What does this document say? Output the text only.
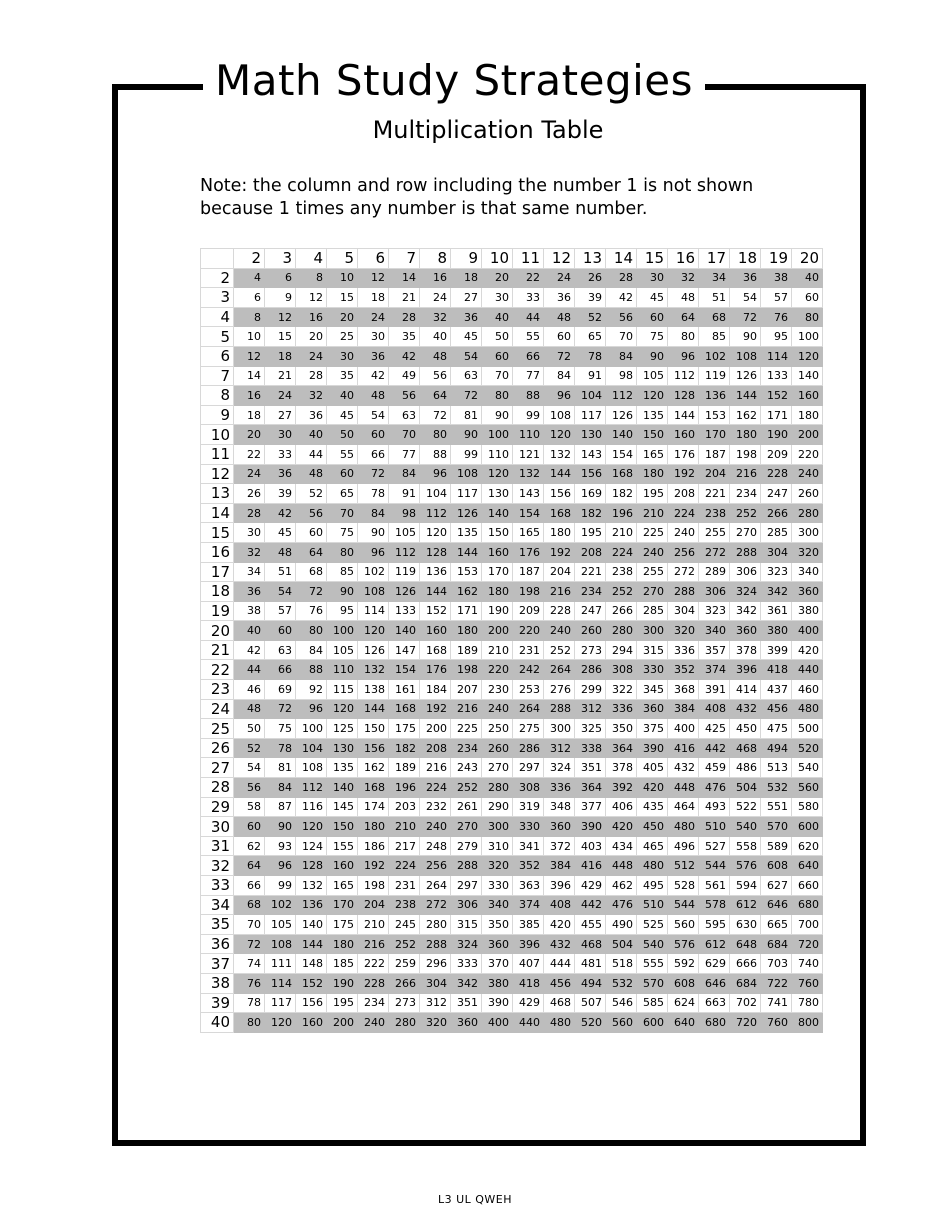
Math Study Strategies
Multiplication Table
Note: the column and row including the number 1 is not shown because 1 times any number is that same number.
	2	3	4	5	6	7	8	9	10	11	12	13	14	15	16	17	18	19	20
2	4	6	8	10	12	14	16	18	20	22	24	26	28	30	32	34	36	38	40
3	6	9	12	15	18	21	24	27	30	33	36	39	42	45	48	51	54	57	60
4	8	12	16	20	24	28	32	36	40	44	48	52	56	60	64	68	72	76	80
5	10	15	20	25	30	35	40	45	50	55	60	65	70	75	80	85	90	95	100
6	12	18	24	30	36	42	48	54	60	66	72	78	84	90	96	102	108	114	120
7	14	21	28	35	42	49	56	63	70	77	84	91	98	105	112	119	126	133	140
8	16	24	32	40	48	56	64	72	80	88	96	104	112	120	128	136	144	152	160
9	18	27	36	45	54	63	72	81	90	99	108	117	126	135	144	153	162	171	180
10	20	30	40	50	60	70	80	90	100	110	120	130	140	150	160	170	180	190	200
11	22	33	44	55	66	77	88	99	110	121	132	143	154	165	176	187	198	209	220
12	24	36	48	60	72	84	96	108	120	132	144	156	168	180	192	204	216	228	240
13	26	39	52	65	78	91	104	117	130	143	156	169	182	195	208	221	234	247	260
14	28	42	56	70	84	98	112	126	140	154	168	182	196	210	224	238	252	266	280
15	30	45	60	75	90	105	120	135	150	165	180	195	210	225	240	255	270	285	300
16	32	48	64	80	96	112	128	144	160	176	192	208	224	240	256	272	288	304	320
17	34	51	68	85	102	119	136	153	170	187	204	221	238	255	272	289	306	323	340
18	36	54	72	90	108	126	144	162	180	198	216	234	252	270	288	306	324	342	360
19	38	57	76	95	114	133	152	171	190	209	228	247	266	285	304	323	342	361	380
20	40	60	80	100	120	140	160	180	200	220	240	260	280	300	320	340	360	380	400
21	42	63	84	105	126	147	168	189	210	231	252	273	294	315	336	357	378	399	420
22	44	66	88	110	132	154	176	198	220	242	264	286	308	330	352	374	396	418	440
23	46	69	92	115	138	161	184	207	230	253	276	299	322	345	368	391	414	437	460
24	48	72	96	120	144	168	192	216	240	264	288	312	336	360	384	408	432	456	480
25	50	75	100	125	150	175	200	225	250	275	300	325	350	375	400	425	450	475	500
26	52	78	104	130	156	182	208	234	260	286	312	338	364	390	416	442	468	494	520
27	54	81	108	135	162	189	216	243	270	297	324	351	378	405	432	459	486	513	540
28	56	84	112	140	168	196	224	252	280	308	336	364	392	420	448	476	504	532	560
29	58	87	116	145	174	203	232	261	290	319	348	377	406	435	464	493	522	551	580
30	60	90	120	150	180	210	240	270	300	330	360	390	420	450	480	510	540	570	600
31	62	93	124	155	186	217	248	279	310	341	372	403	434	465	496	527	558	589	620
32	64	96	128	160	192	224	256	288	320	352	384	416	448	480	512	544	576	608	640
33	66	99	132	165	198	231	264	297	330	363	396	429	462	495	528	561	594	627	660
34	68	102	136	170	204	238	272	306	340	374	408	442	476	510	544	578	612	646	680
35	70	105	140	175	210	245	280	315	350	385	420	455	490	525	560	595	630	665	700
36	72	108	144	180	216	252	288	324	360	396	432	468	504	540	576	612	648	684	720
37	74	111	148	185	222	259	296	333	370	407	444	481	518	555	592	629	666	703	740
38	76	114	152	190	228	266	304	342	380	418	456	494	532	570	608	646	684	722	760
39	78	117	156	195	234	273	312	351	390	429	468	507	546	585	624	663	702	741	780
40	80	120	160	200	240	280	320	360	400	440	480	520	560	600	640	680	720	760	800
L3 UL QWEH
